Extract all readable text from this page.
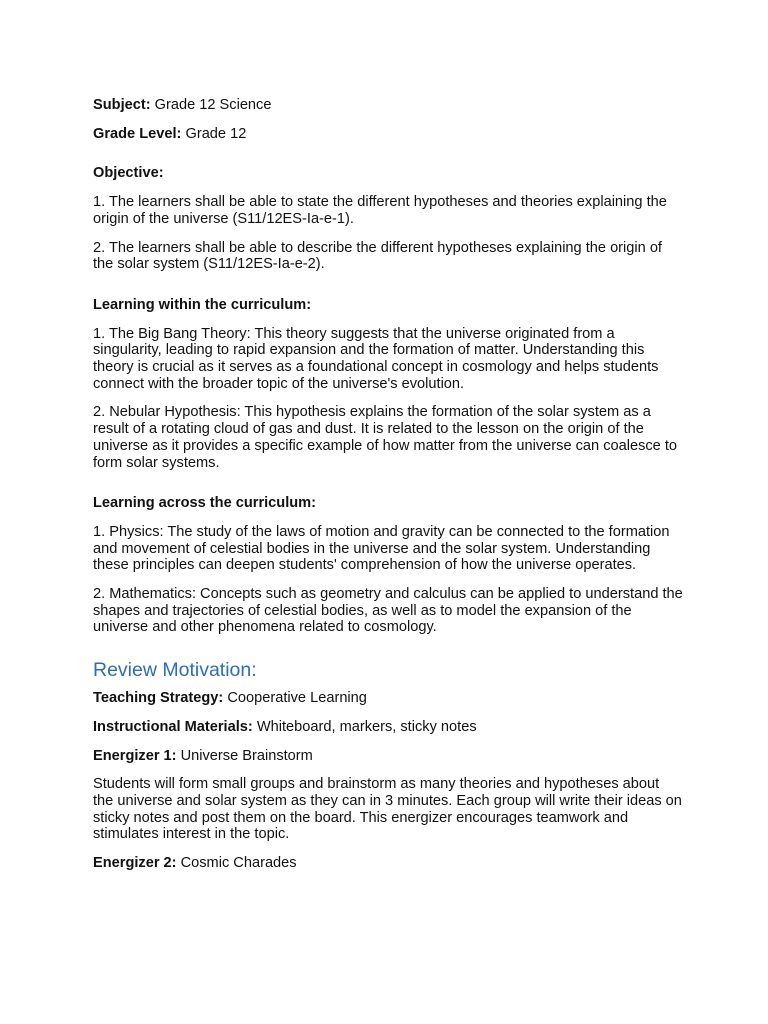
Subject: Grade 12 Science

Grade Level: Grade 12

Objective:

1. The learners shall be able to state the different hypotheses and theories explaining the origin of the universe (S11/12ES-Ia-e-1).

2. The learners shall be able to describe the different hypotheses explaining the origin of the solar system (S11/12ES-Ia-e-2).

Learning within the curriculum:

1. The Big Bang Theory: This theory suggests that the universe originated from a singularity, leading to rapid expansion and the formation of matter. Understanding this theory is crucial as it serves as a foundational concept in cosmology and helps students connect with the broader topic of the universe's evolution.

2. Nebular Hypothesis: This hypothesis explains the formation of the solar system as a result of a rotating cloud of gas and dust. It is related to the lesson on the origin of the universe as it provides a specific example of how matter from the universe can coalesce to form solar systems.

Learning across the curriculum:

1. Physics: The study of the laws of motion and gravity can be connected to the formation and movement of celestial bodies in the universe and the solar system. Understanding these principles can deepen students' comprehension of how the universe operates.

2. Mathematics: Concepts such as geometry and calculus can be applied to understand the shapes and trajectories of celestial bodies, as well as to model the expansion of the universe and other phenomena related to cosmology.

Review Motivation:

Teaching Strategy: Cooperative Learning

Instructional Materials: Whiteboard, markers, sticky notes

Energizer 1: Universe Brainstorm

Students will form small groups and brainstorm as many theories and hypotheses about the universe and solar system as they can in 3 minutes. Each group will write their ideas on sticky notes and post them on the board. This energizer encourages teamwork and stimulates interest in the topic.

Energizer 2: Cosmic Charades
